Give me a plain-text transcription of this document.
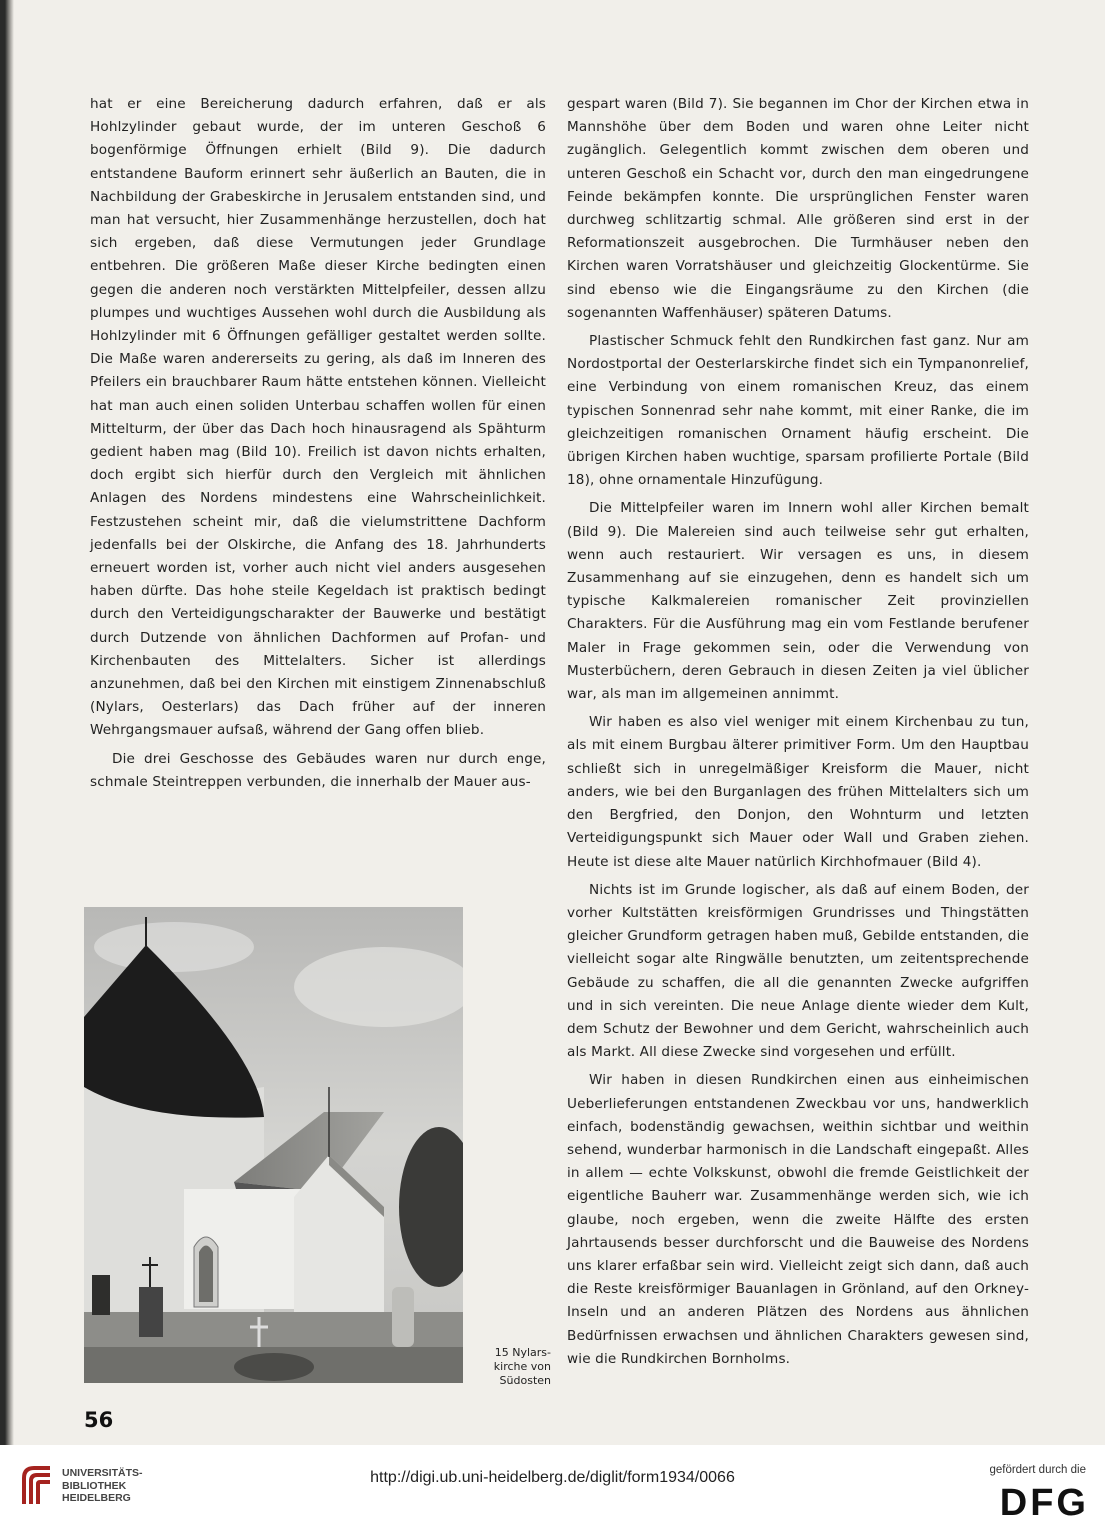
hat er eine Bereicherung dadurch erfahren, daß er als Hohlzylinder gebaut wurde, der im unteren Geschoß 6 bogenförmige Öffnungen erhielt (Bild 9). Die dadurch entstandene Bauform erinnert sehr äußerlich an Bauten, die in Nachbildung der Grabeskirche in Jerusalem entstanden sind, und man hat versucht, hier Zusammenhänge herzustellen, doch hat sich ergeben, daß diese Vermutungen jeder Grundlage entbehren. Die größeren Maße dieser Kirche bedingten einen gegen die anderen noch verstärkten Mittelpfeiler, dessen allzu plumpes und wuchtiges Aussehen wohl durch die Ausbildung als Hohlzylinder mit 6 Öffnungen gefälliger gestaltet werden sollte. Die Maße waren andererseits zu gering, als daß im Inneren des Pfeilers ein brauchbarer Raum hätte entstehen können. Vielleicht hat man auch einen soliden Unterbau schaffen wollen für einen Mittelturm, der über das Dach hoch hinausragend als Spähturm gedient haben mag (Bild 10). Freilich ist davon nichts erhalten, doch ergibt sich hierfür durch den Vergleich mit ähnlichen Anlagen des Nordens mindestens eine Wahrscheinlichkeit. Festzustehen scheint mir, daß die vielumstrittene Dachform jedenfalls bei der Olskirche, die Anfang des 18. Jahrhunderts erneuert worden ist, vorher auch nicht viel anders ausgesehen haben dürfte. Das hohe steile Kegeldach ist praktisch bedingt durch den Verteidigungscharakter der Bauwerke und bestätigt durch Dutzende von ähnlichen Dachformen auf Profan- und Kirchenbauten des Mittelalters. Sicher ist allerdings anzunehmen, daß bei den Kirchen mit einstigem Zinnenabschluß (Nylars, Oesterlars) das Dach früher auf der inneren Wehrgangsmauer aufsaß, während der Gang offen blieb.

Die drei Geschosse des Gebäudes waren nur durch enge, schmale Steintreppen verbunden, die innerhalb der Mauer aus-

gespart waren (Bild 7). Sie begannen im Chor der Kirchen etwa in Mannshöhe über dem Boden und waren ohne Leiter nicht zugänglich. Gelegentlich kommt zwischen dem oberen und unteren Geschoß ein Schacht vor, durch den man eingedrungene Feinde bekämpfen konnte. Die ursprünglichen Fenster waren durchweg schlitzartig schmal. Alle größeren sind erst in der Reformationszeit ausgebrochen. Die Turmhäuser neben den Kirchen waren Vorratshäuser und gleichzeitig Glockentürme. Sie sind ebenso wie die Eingangsräume zu den Kirchen (die sogenannten Waffenhäuser) späteren Datums.

Plastischer Schmuck fehlt den Rundkirchen fast ganz. Nur am Nordostportal der Oesterlarskirche findet sich ein Tympanonrelief, eine Verbindung von einem romanischen Kreuz, das einem typischen Sonnenrad sehr nahe kommt, mit einer Ranke, die im gleichzeitigen romanischen Ornament häufig erscheint. Die übrigen Kirchen haben wuchtige, sparsam profilierte Portale (Bild 18), ohne ornamentale Hinzufügung.

Die Mittelpfeiler waren im Innern wohl aller Kirchen bemalt (Bild 9). Die Malereien sind auch teilweise sehr gut erhalten, wenn auch restauriert. Wir versagen es uns, in diesem Zusammenhang auf sie einzugehen, denn es handelt sich um typische Kalkmalereien romanischer Zeit provinziellen Charakters. Für die Ausführung mag ein vom Festlande berufener Maler in Frage gekommen sein, oder die Verwendung von Musterbüchern, deren Gebrauch in diesen Zeiten ja viel üblicher war, als man im allgemeinen annimmt.

Wir haben es also viel weniger mit einem Kirchenbau zu tun, als mit einem Burgbau älterer primitiver Form. Um den Hauptbau schließt sich in unregelmäßiger Kreisform die Mauer, nicht anders, wie bei den Burganlagen des frühen Mittelalters sich um den Bergfried, den Donjon, den Wohnturm und letzten Verteidigungspunkt sich Mauer oder Wall und Graben ziehen. Heute ist diese alte Mauer natürlich Kirchhofmauer (Bild 4).

Nichts ist im Grunde logischer, als daß auf einem Boden, der vorher Kultstätten kreisförmigen Grundrisses und Thingstätten gleicher Grundform getragen haben muß, Gebilde entstanden, die vielleicht sogar alte Ringwälle benutzten, um zeitentsprechende Gebäude zu schaffen, die all die genannten Zwecke aufgriffen und in sich vereinten. Die neue Anlage diente wieder dem Kult, dem Schutz der Bewohner und dem Gericht, wahrscheinlich auch als Markt. All diese Zwecke sind vorgesehen und erfüllt.

Wir haben in diesen Rundkirchen einen aus einheimischen Ueberlieferungen entstandenen Zweckbau vor uns, handwerklich einfach, bodenständig gewachsen, weithin sichtbar und weithin sehend, wunderbar harmonisch in die Landschaft eingepaßt. Alles in allem — echte Volkskunst, obwohl die fremde Geistlichkeit der eigentliche Bauherr war. Zusammenhänge werden sich, wie ich glaube, noch ergeben, wenn die zweite Hälfte des ersten Jahrtausends besser durchforscht und die Bauweise des Nordens uns klarer erfaßbar sein wird. Vielleicht zeigt sich dann, daß auch die Reste kreisförmiger Bauanlagen in Grönland, auf den Orkney-Inseln und an anderen Plätzen des Nordens aus ähnlichen Bedürfnissen erwachsen und ähnlichen Charakters gewesen sind, wie die Rundkirchen Bornholms.

15 Nylars-
kirche von
Südosten
56
UNIVERSITÄTS-
BIBLIOTHEK
HEIDELBERG
http://digi.ub.uni-heidelberg.de/diglit/form1934/0066	gefördert durch die
DFG
